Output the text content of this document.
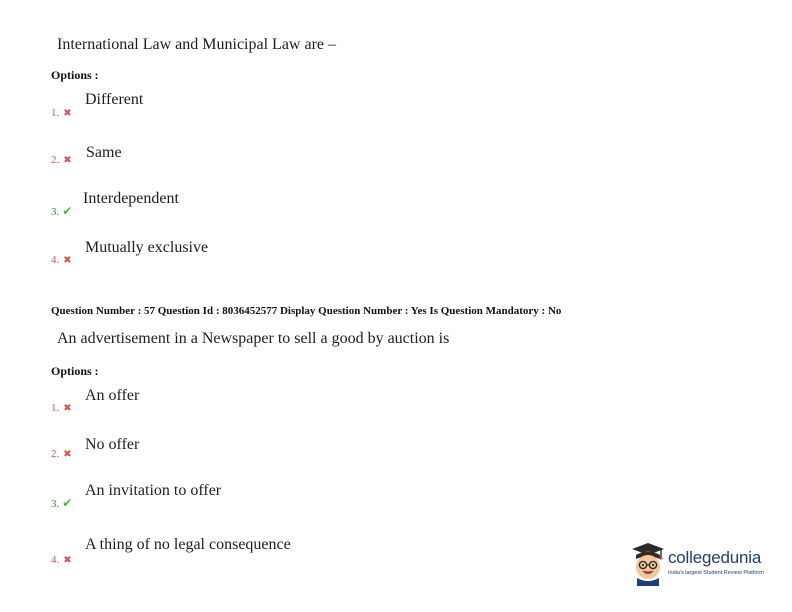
International Law and Municipal Law are –
Options :
1. ✖
Different
2. ✖ Same
3. ✔
Interdependent
4. ✖
Mutually exclusive
Question Number : 57 Question Id : 8036452577 Display Question Number : Yes Is Question Mandatory : No
An advertisement in a Newspaper to sell a good by auction is
Options :
1. ✖
An offer
2. ✖
No offer
3. ✔
An invitation to offer
4. ✖
A thing of no legal consequence
collegedunia
India's largest Student Review Platform
